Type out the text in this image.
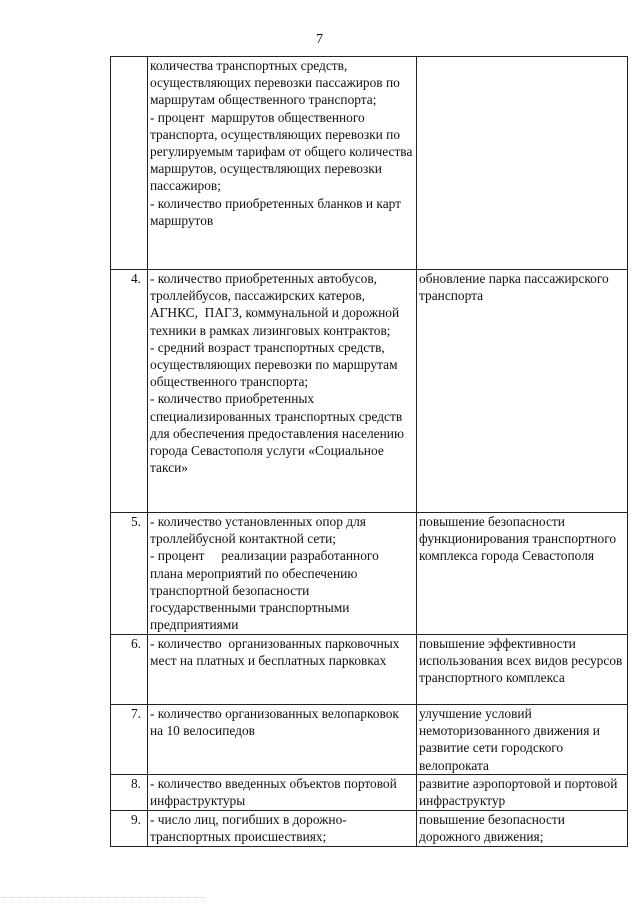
7

	количества транспортных средств, осуществляющих перевозки пассажиров по маршрутам общественного транспорта;
- процент  маршрутов общественного транспорта, осуществляющих перевозки по регулируемым тарифам от общего количества маршрутов, осуществляющих перевозки пассажиров;
- количество приобретенных бланков и карт маршрутов	

4.	- количество приобретенных автобусов, троллейбусов, пассажирских катеров, АГНКС,  ПАГЗ, коммунальной и дорожной техники в рамках лизинговых контрактов;
- средний возраст транспортных средств, осуществляющих перевозки по маршрутам общественного транспорта;
- количество приобретенных специализированных транспортных средств для обеспечения предоставления населению города Севастополя услуги «Социальное такси»	обновление парка пассажирского транспорта

5.	- количество установленных опор для троллейбусной контактной сети;
- процент     реализации разработанного плана мероприятий по обеспечению транспортной безопасности государственными транспортными предприятиями	повышение безопасности функционирования транспортного комплекса города Севастополя

6.	- количество  организованных парковочных мест на платных и бесплатных парковках	повышение эффективности использования всех видов ресурсов транспортного комплекса

7.	- количество организованных велопарковок на 10 велосипедов	улучшение условий немоторизованного движения и развитие сети городского велопроката

8.	- количество введенных объектов портовой инфраструктуры	развитие аэропортовой и портовой инфраструктур

9.	- число лиц, погибших в дорожно-транспортных происшествиях;	повышение безопасности дорожного движения;
